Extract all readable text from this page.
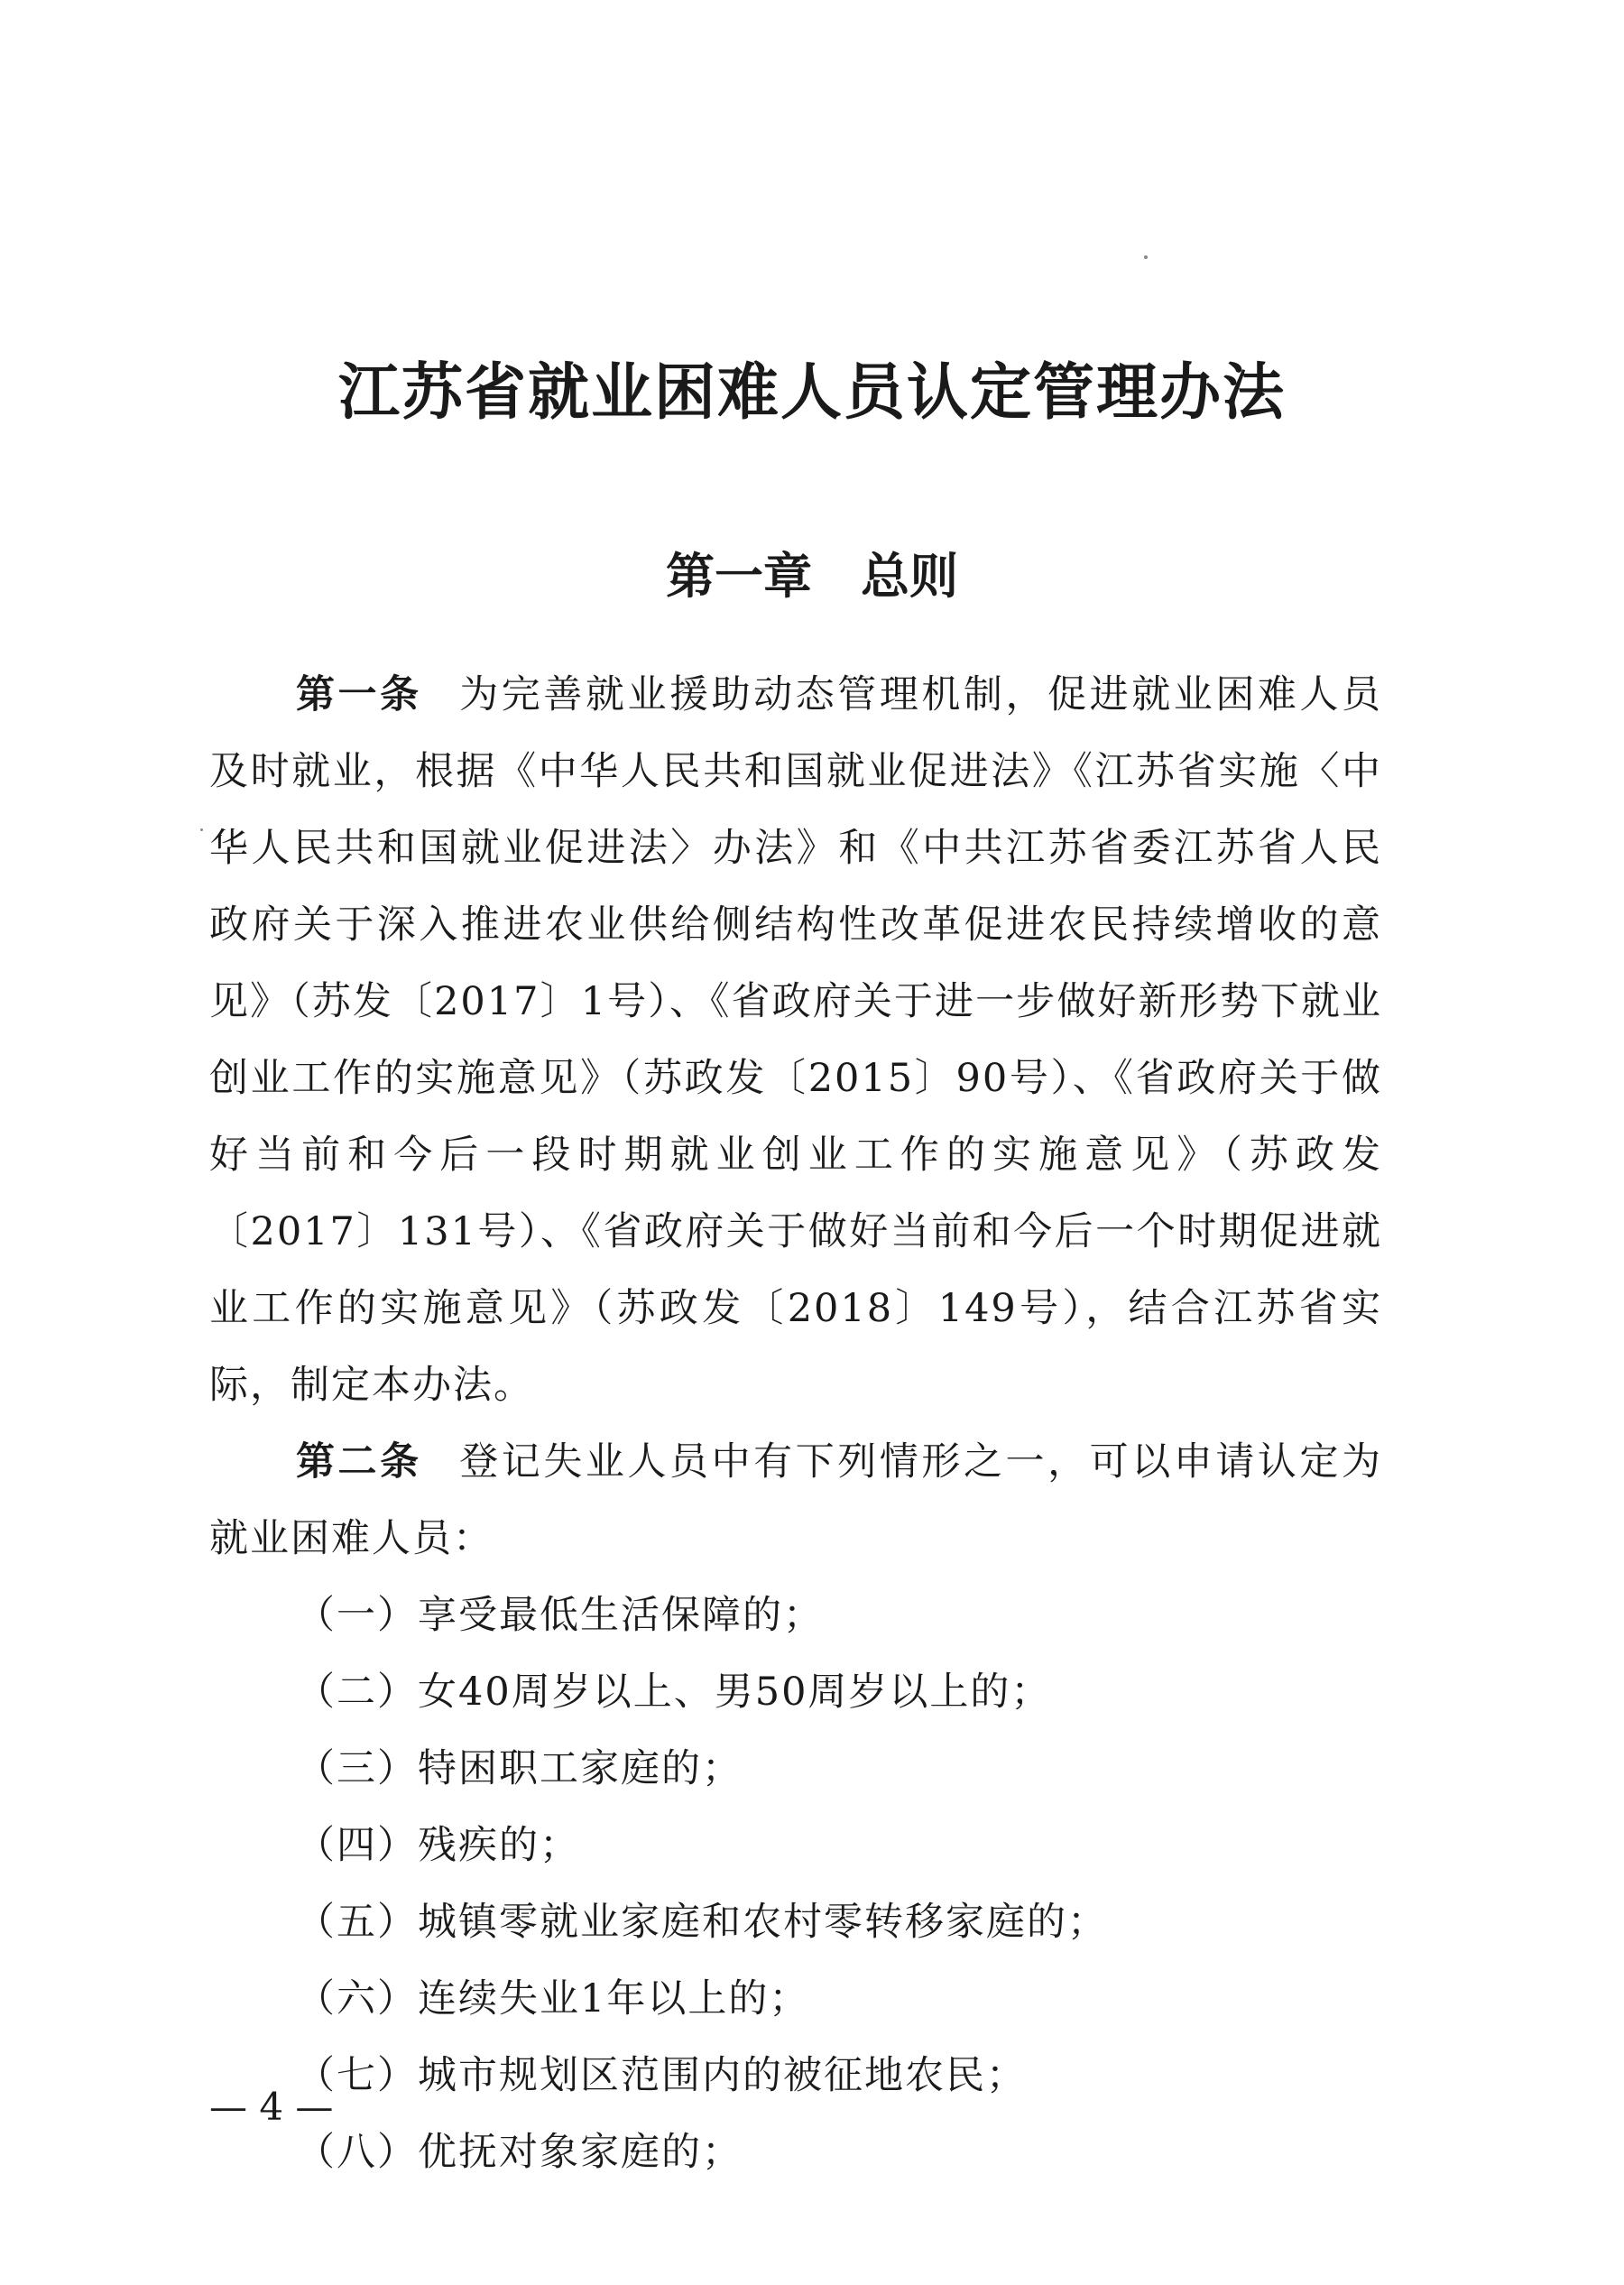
江苏省就业困难人员认定管理办法
第一章　总则

第一条 为完善就业援助动态管理机制，促进就业困难人员及时就业，根据《中华人民共和国就业促进法》《江苏省实施〈中华人民共和国就业促进法〉办法》和《中共江苏省委江苏省人民政府关于深入推进农业供给侧结构性改革促进农民持续增收的意见》（苏发〔2017〕1号）、《省政府关于进一步做好新形势下就业创业工作的实施意见》（苏政发〔2015〕90号）、《省政府关于做好当前和今后一段时期就业创业工作的实施意见》（苏政发〔2017〕131号）、《省政府关于做好当前和今后一个时期促进就业工作的实施意见》（苏政发〔2018〕149号），结合江苏省实际，制定本办法。

第二条 登记失业人员中有下列情形之一，可以申请认定为就业困难人员：

（一）享受最低生活保障的；

（二）女40周岁以上、男50周岁以上的；

（三）特困职工家庭的；

（四）残疾的；

（五）城镇零就业家庭和农村零转移家庭的；

（六）连续失业1年以上的；

（七）城市规划区范围内的被征地农民；

（八）优抚对象家庭的；

— 4 —
